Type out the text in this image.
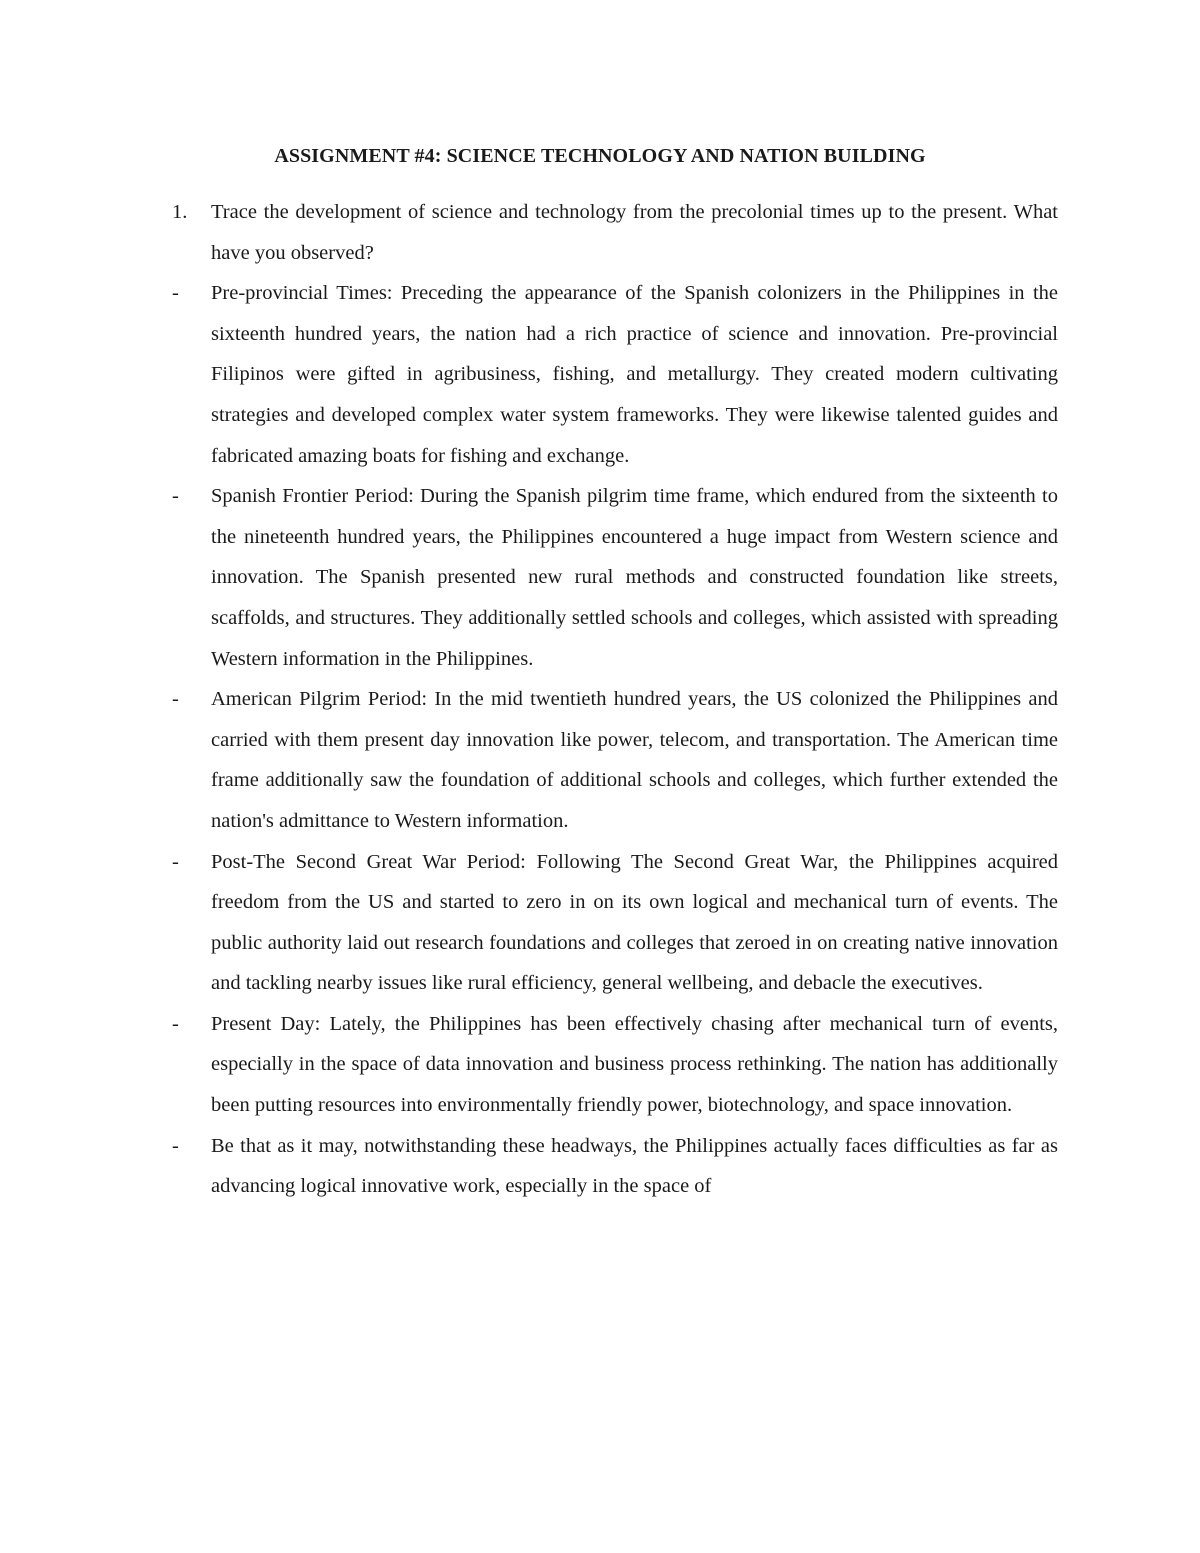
ASSIGNMENT #4: SCIENCE TECHNOLOGY AND NATION BUILDING
1. Trace the development of science and technology from the precolonial times up to the present. What have you observed?
- Pre-provincial Times: Preceding the appearance of the Spanish colonizers in the Philippines in the sixteenth hundred years, the nation had a rich practice of science and innovation. Pre-provincial Filipinos were gifted in agribusiness, fishing, and metallurgy. They created modern cultivating strategies and developed complex water system frameworks. They were likewise talented guides and fabricated amazing boats for fishing and exchange.
- Spanish Frontier Period: During the Spanish pilgrim time frame, which endured from the sixteenth to the nineteenth hundred years, the Philippines encountered a huge impact from Western science and innovation. The Spanish presented new rural methods and constructed foundation like streets, scaffolds, and structures. They additionally settled schools and colleges, which assisted with spreading Western information in the Philippines.
- American Pilgrim Period: In the mid twentieth hundred years, the US colonized the Philippines and carried with them present day innovation like power, telecom, and transportation. The American time frame additionally saw the foundation of additional schools and colleges, which further extended the nation's admittance to Western information.
- Post-The Second Great War Period: Following The Second Great War, the Philippines acquired freedom from the US and started to zero in on its own logical and mechanical turn of events. The public authority laid out research foundations and colleges that zeroed in on creating native innovation and tackling nearby issues like rural efficiency, general wellbeing, and debacle the executives.
- Present Day: Lately, the Philippines has been effectively chasing after mechanical turn of events, especially in the space of data innovation and business process rethinking. The nation has additionally been putting resources into environmentally friendly power, biotechnology, and space innovation.
- Be that as it may, notwithstanding these headways, the Philippines actually faces difficulties as far as advancing logical innovative work, especially in the space of
